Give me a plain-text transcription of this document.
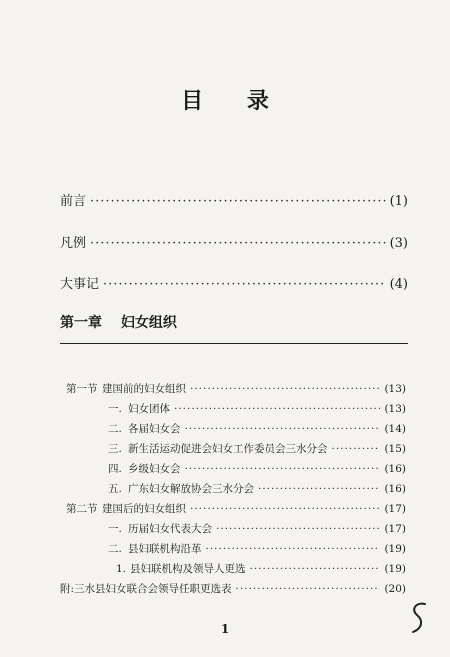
目 录
前言 ·····	(1)
凡例 ·····	(3)
大事记 ·····	(4)
第一章 妇女组织
第一节 建国前的妇女组织 ·····	(13)
一. 妇女团体 ·····	(13)
二. 各届妇女会 ·····	(14)
三. 新生活运动促进会妇女工作委员会三水分会 ·····	(15)
四. 乡级妇女会 ·····	(16)
五. 广东妇女解放协会三水分会 ·····	(16)
第二节 建国后的妇女组织 ·····	(17)
一. 历届妇女代表大会 ·····	(17)
二. 县妇联机构沿革 ·····	(19)
1. 县妇联机构及领导人更选 ·····	(19)
附:三水县妇女联合会领导任职更选表 ·····	(20)
1
